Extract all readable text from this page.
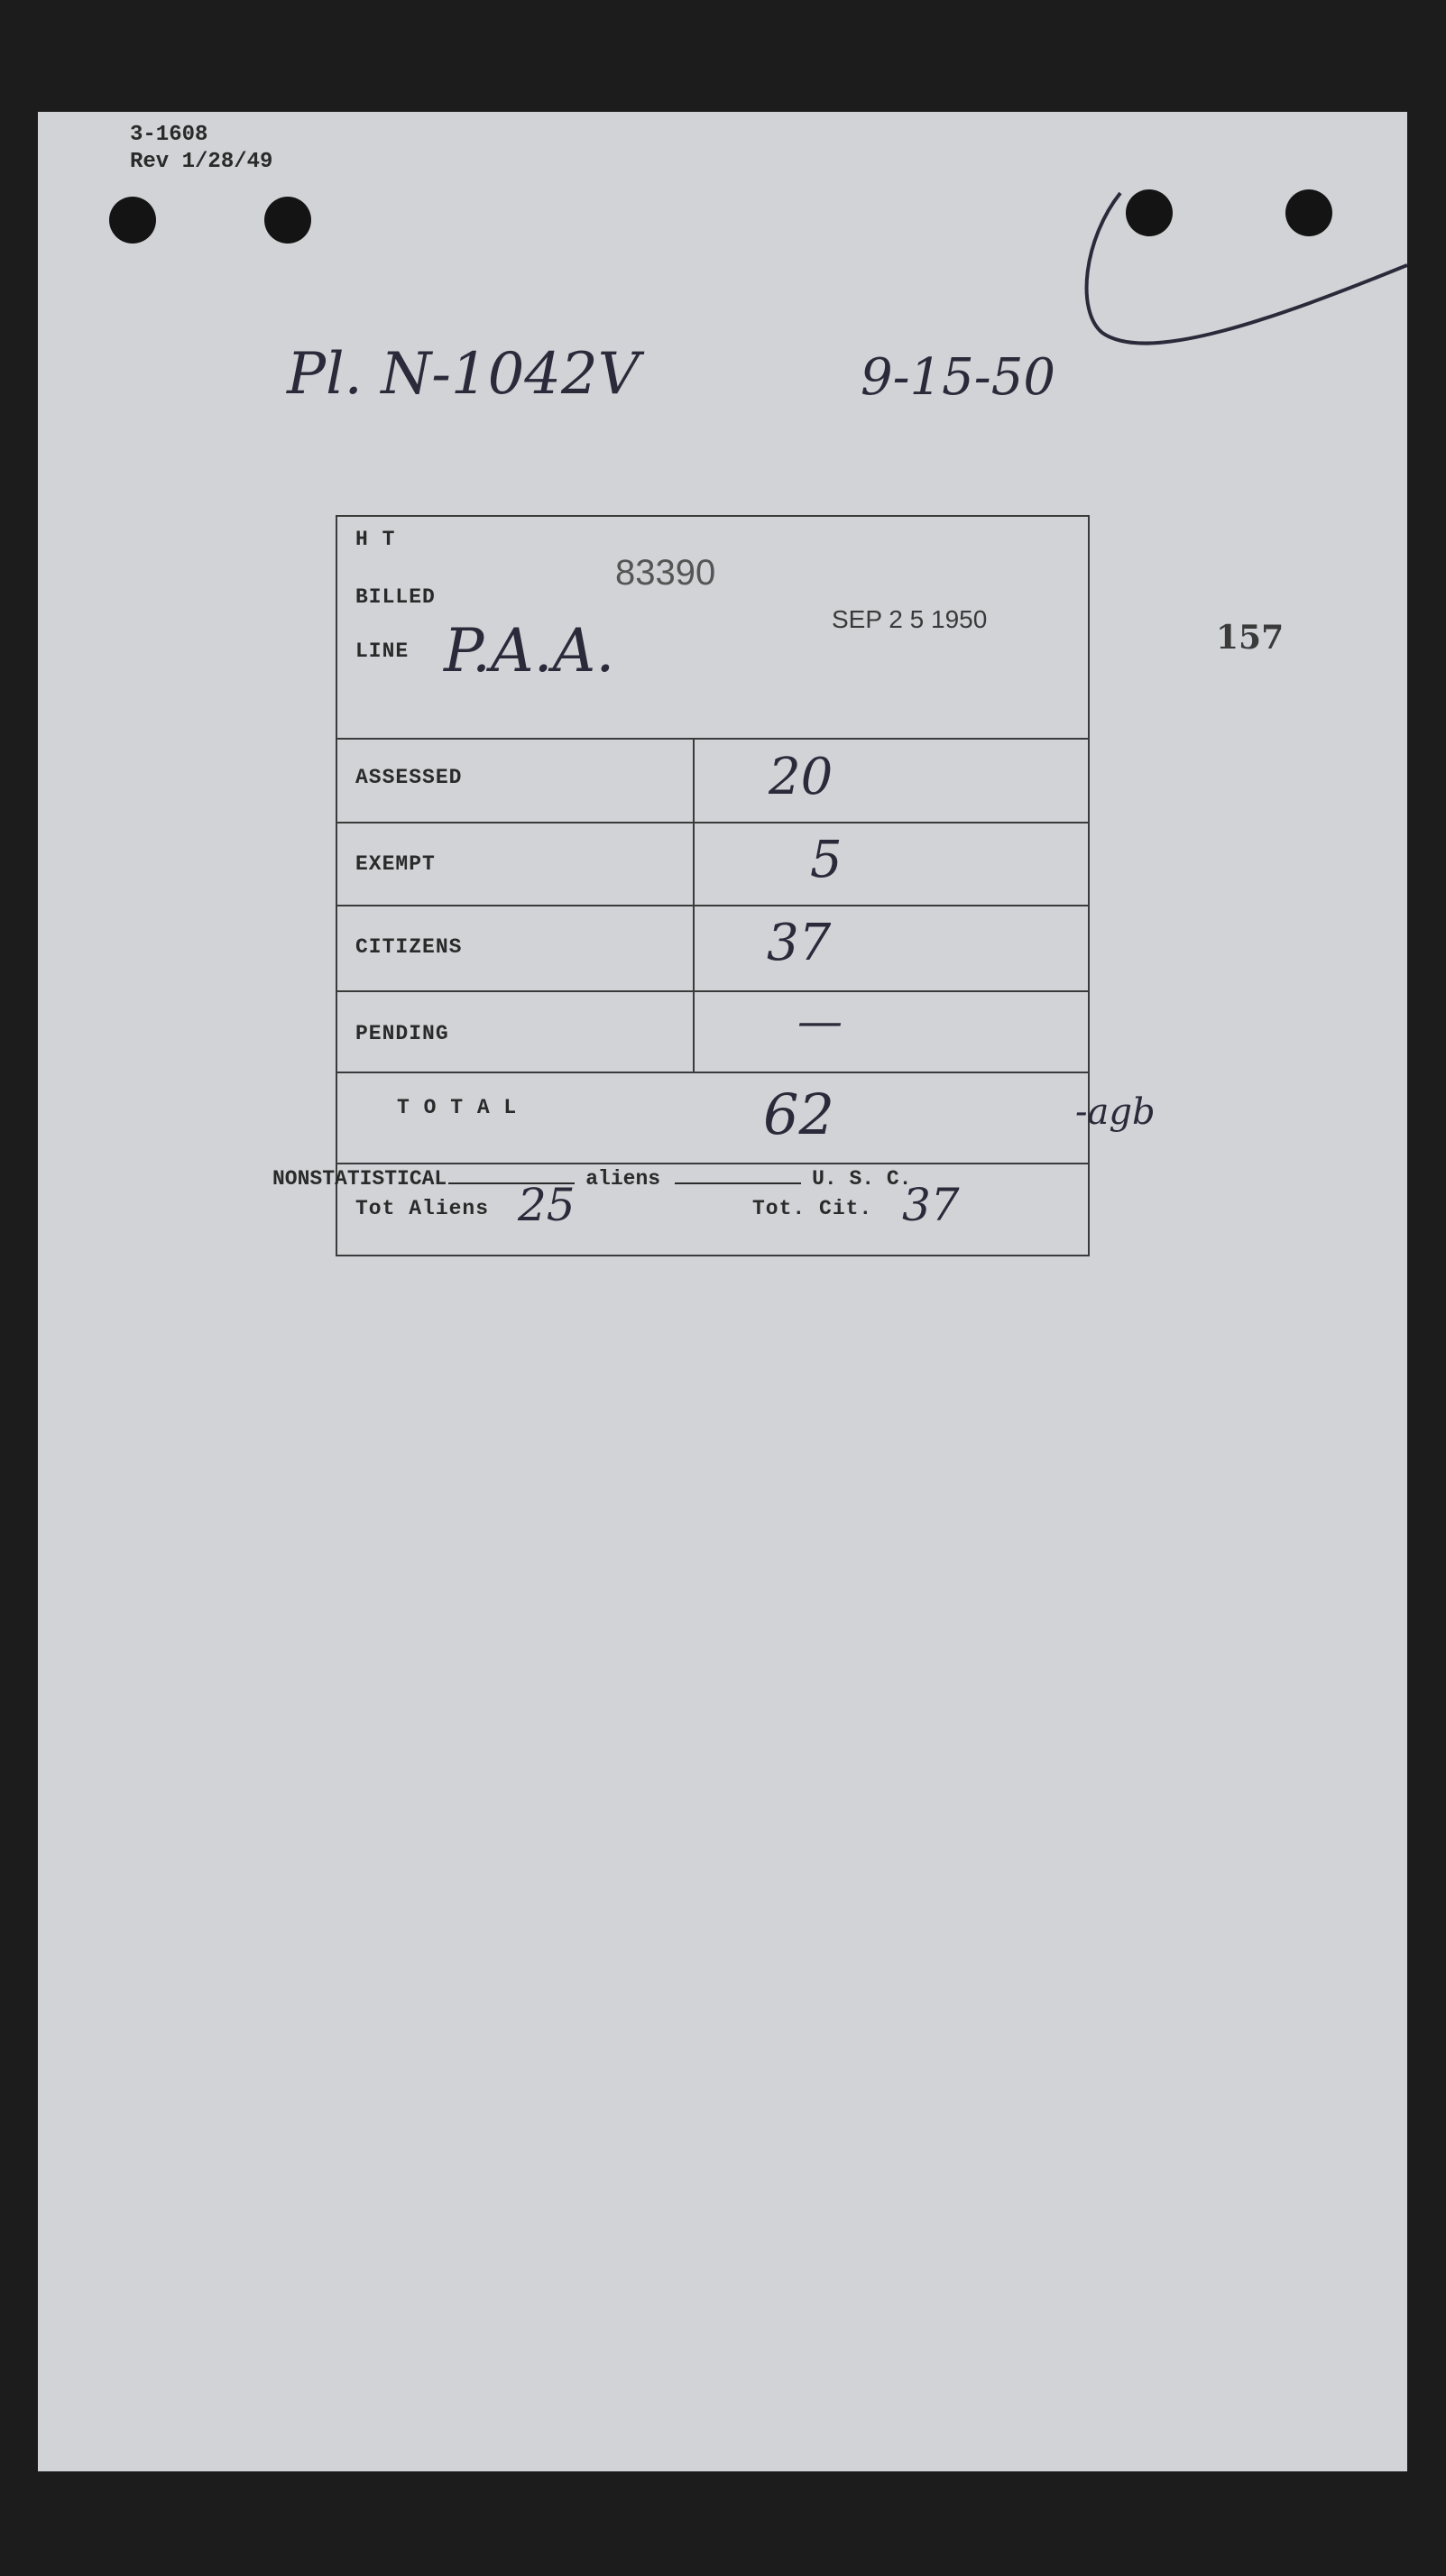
3-1608
Rev 1/28/49
Pl. N-1042V	9-15-50
157
H T
BILLED
LINE P.A.A.
83390
SEP 2 5 1950
ASSESSED	20
EXEMPT	5
CITIZENS	37
PENDING	—
T O T A L	62
Tot Aliens 25	Tot. Cit. 37
-agb
NONSTATISTICAL	aliens	U. S. C.
